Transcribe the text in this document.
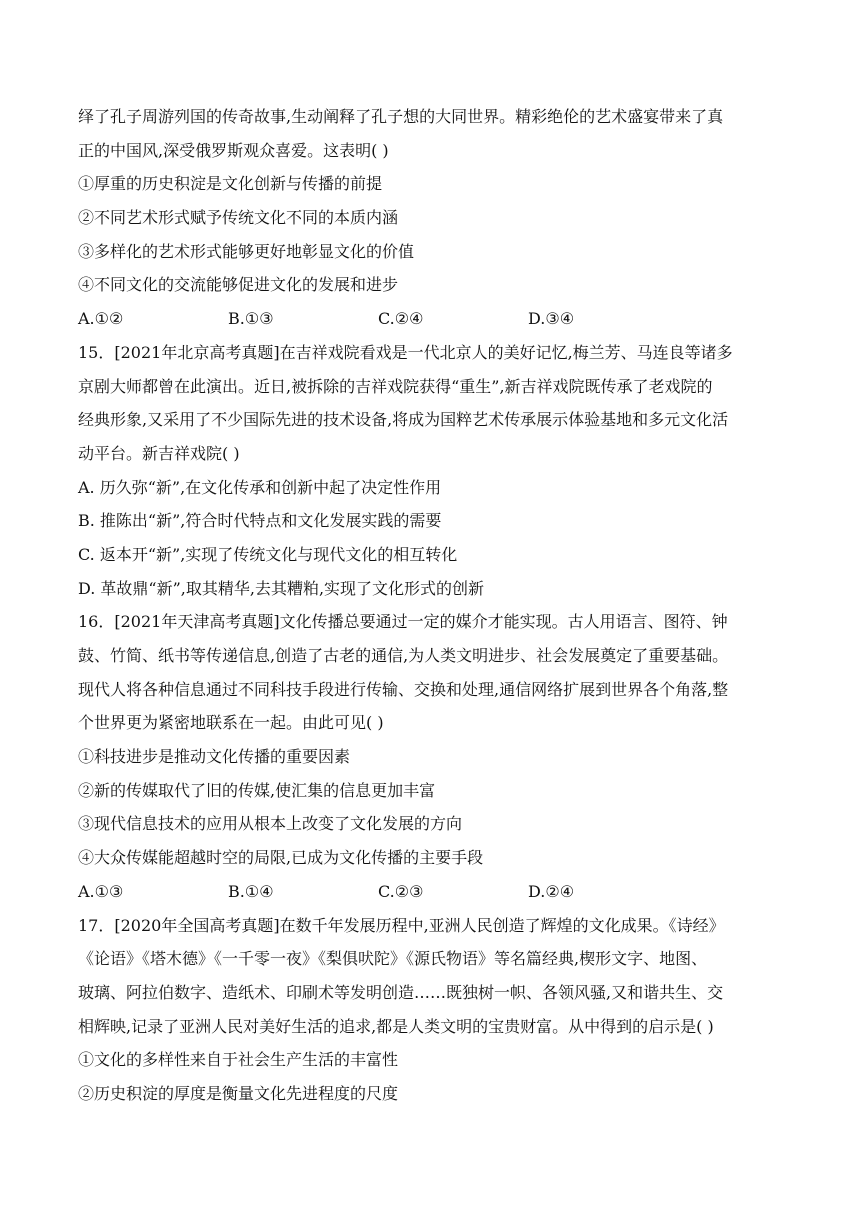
绎了孔子周游列国的传奇故事,生动阐释了孔子想的大同世界。精彩绝伦的艺术盛宴带来了真
正的中国风,深受俄罗斯观众喜爱。这表明( )
①厚重的历史积淀是文化创新与传播的前提
②不同艺术形式赋予传统文化不同的本质内涵
③多样化的艺术形式能够更好地彰显文化的价值
④不同文化的交流能够促进文化的发展和进步
A.①②	B.①③	C.②④	D.③④
15．[2021年北京高考真题]在吉祥戏院看戏是一代北京人的美好记忆,梅兰芳、马连良等诸多
京剧大师都曾在此演出。近日,被拆除的吉祥戏院获得“重生”,新吉祥戏院既传承了老戏院的
经典形象,又采用了不少国际先进的技术设备,将成为国粹艺术传承展示体验基地和多元文化活
动平台。新吉祥戏院( )
A. 历久弥“新”,在文化传承和创新中起了决定性作用
B. 推陈出“新”,符合时代特点和文化发展实践的需要
C. 返本开“新”,实现了传统文化与现代文化的相互转化
D. 革故鼎“新”,取其精华,去其糟粕,实现了文化形式的创新
16．[2021年天津高考真题]文化传播总要通过一定的媒介才能实现。古人用语言、图符、钟
鼓、竹简、纸书等传递信息,创造了古老的通信,为人类文明进步、社会发展奠定了重要基础。
现代人将各种信息通过不同科技手段进行传输、交换和处理,通信网络扩展到世界各个角落,整
个世界更为紧密地联系在一起。由此可见( )
①科技进步是推动文化传播的重要因素
②新的传媒取代了旧的传媒,使汇集的信息更加丰富
③现代信息技术的应用从根本上改变了文化发展的方向
④大众传媒能超越时空的局限,已成为文化传播的主要手段
A.①③	B.①④	C.②③	D.②④
17．[2020年全国高考真题]在数千年发展历程中,亚洲人民创造了辉煌的文化成果。《诗经》
《论语》《塔木德》《一千零一夜》《梨俱吠陀》《源氏物语》等名篇经典,楔形文字、地图、
玻璃、阿拉伯数字、造纸术、印刷术等发明创造……既独树一帜、各领风骚,又和谐共生、交
相辉映,记录了亚洲人民对美好生活的追求,都是人类文明的宝贵财富。从中得到的启示是( )
①文化的多样性来自于社会生产生活的丰富性
②历史积淀的厚度是衡量文化先进程度的尺度
